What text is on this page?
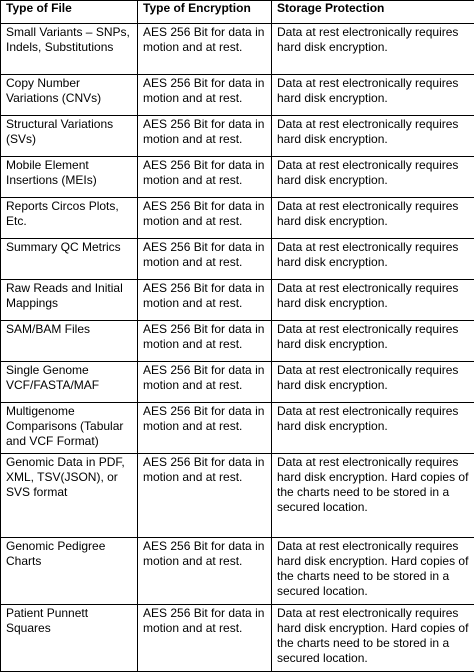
Type of File	Type of Encryption	Storage Protection
Small Variants – SNPs, Indels, Substitutions	AES 256 Bit for data in motion and at rest.	Data at rest electronically requires hard disk encryption.
Copy Number Variations (CNVs)	AES 256 Bit for data in motion and at rest.	Data at rest electronically requires hard disk encryption.
Structural Variations (SVs)	AES 256 Bit for data in motion and at rest.	Data at rest electronically requires hard disk encryption.
Mobile Element Insertions (MEIs)	AES 256 Bit for data in motion and at rest.	Data at rest electronically requires hard disk encryption.
Reports Circos Plots, Etc.	AES 256 Bit for data in motion and at rest.	Data at rest electronically requires hard disk encryption.
Summary QC Metrics	AES 256 Bit for data in motion and at rest.	Data at rest electronically requires hard disk encryption.
Raw Reads and Initial Mappings	AES 256 Bit for data in motion and at rest.	Data at rest electronically requires hard disk encryption.
SAM/BAM Files	AES 256 Bit for data in motion and at rest.	Data at rest electronically requires hard disk encryption.
Single Genome VCF/FASTA/MAF	AES 256 Bit for data in motion and at rest.	Data at rest electronically requires hard disk encryption.
Multigenome Comparisons (Tabular and VCF Format)	AES 256 Bit for data in motion and at rest.	Data at rest electronically requires hard disk encryption.
Genomic Data in PDF, XML, TSV(JSON), or SVS format	AES 256 Bit for data in motion and at rest.	Data at rest electronically requires hard disk encryption. Hard copies of the charts need to be stored in a secured location.
Genomic Pedigree Charts	AES 256 Bit for data in motion and at rest.	Data at rest electronically requires hard disk encryption. Hard copies of the charts need to be stored in a secured location.
Patient Punnett Squares	AES 256 Bit for data in motion and at rest.	Data at rest electronically requires hard disk encryption. Hard copies of the charts need to be stored in a secured location.
